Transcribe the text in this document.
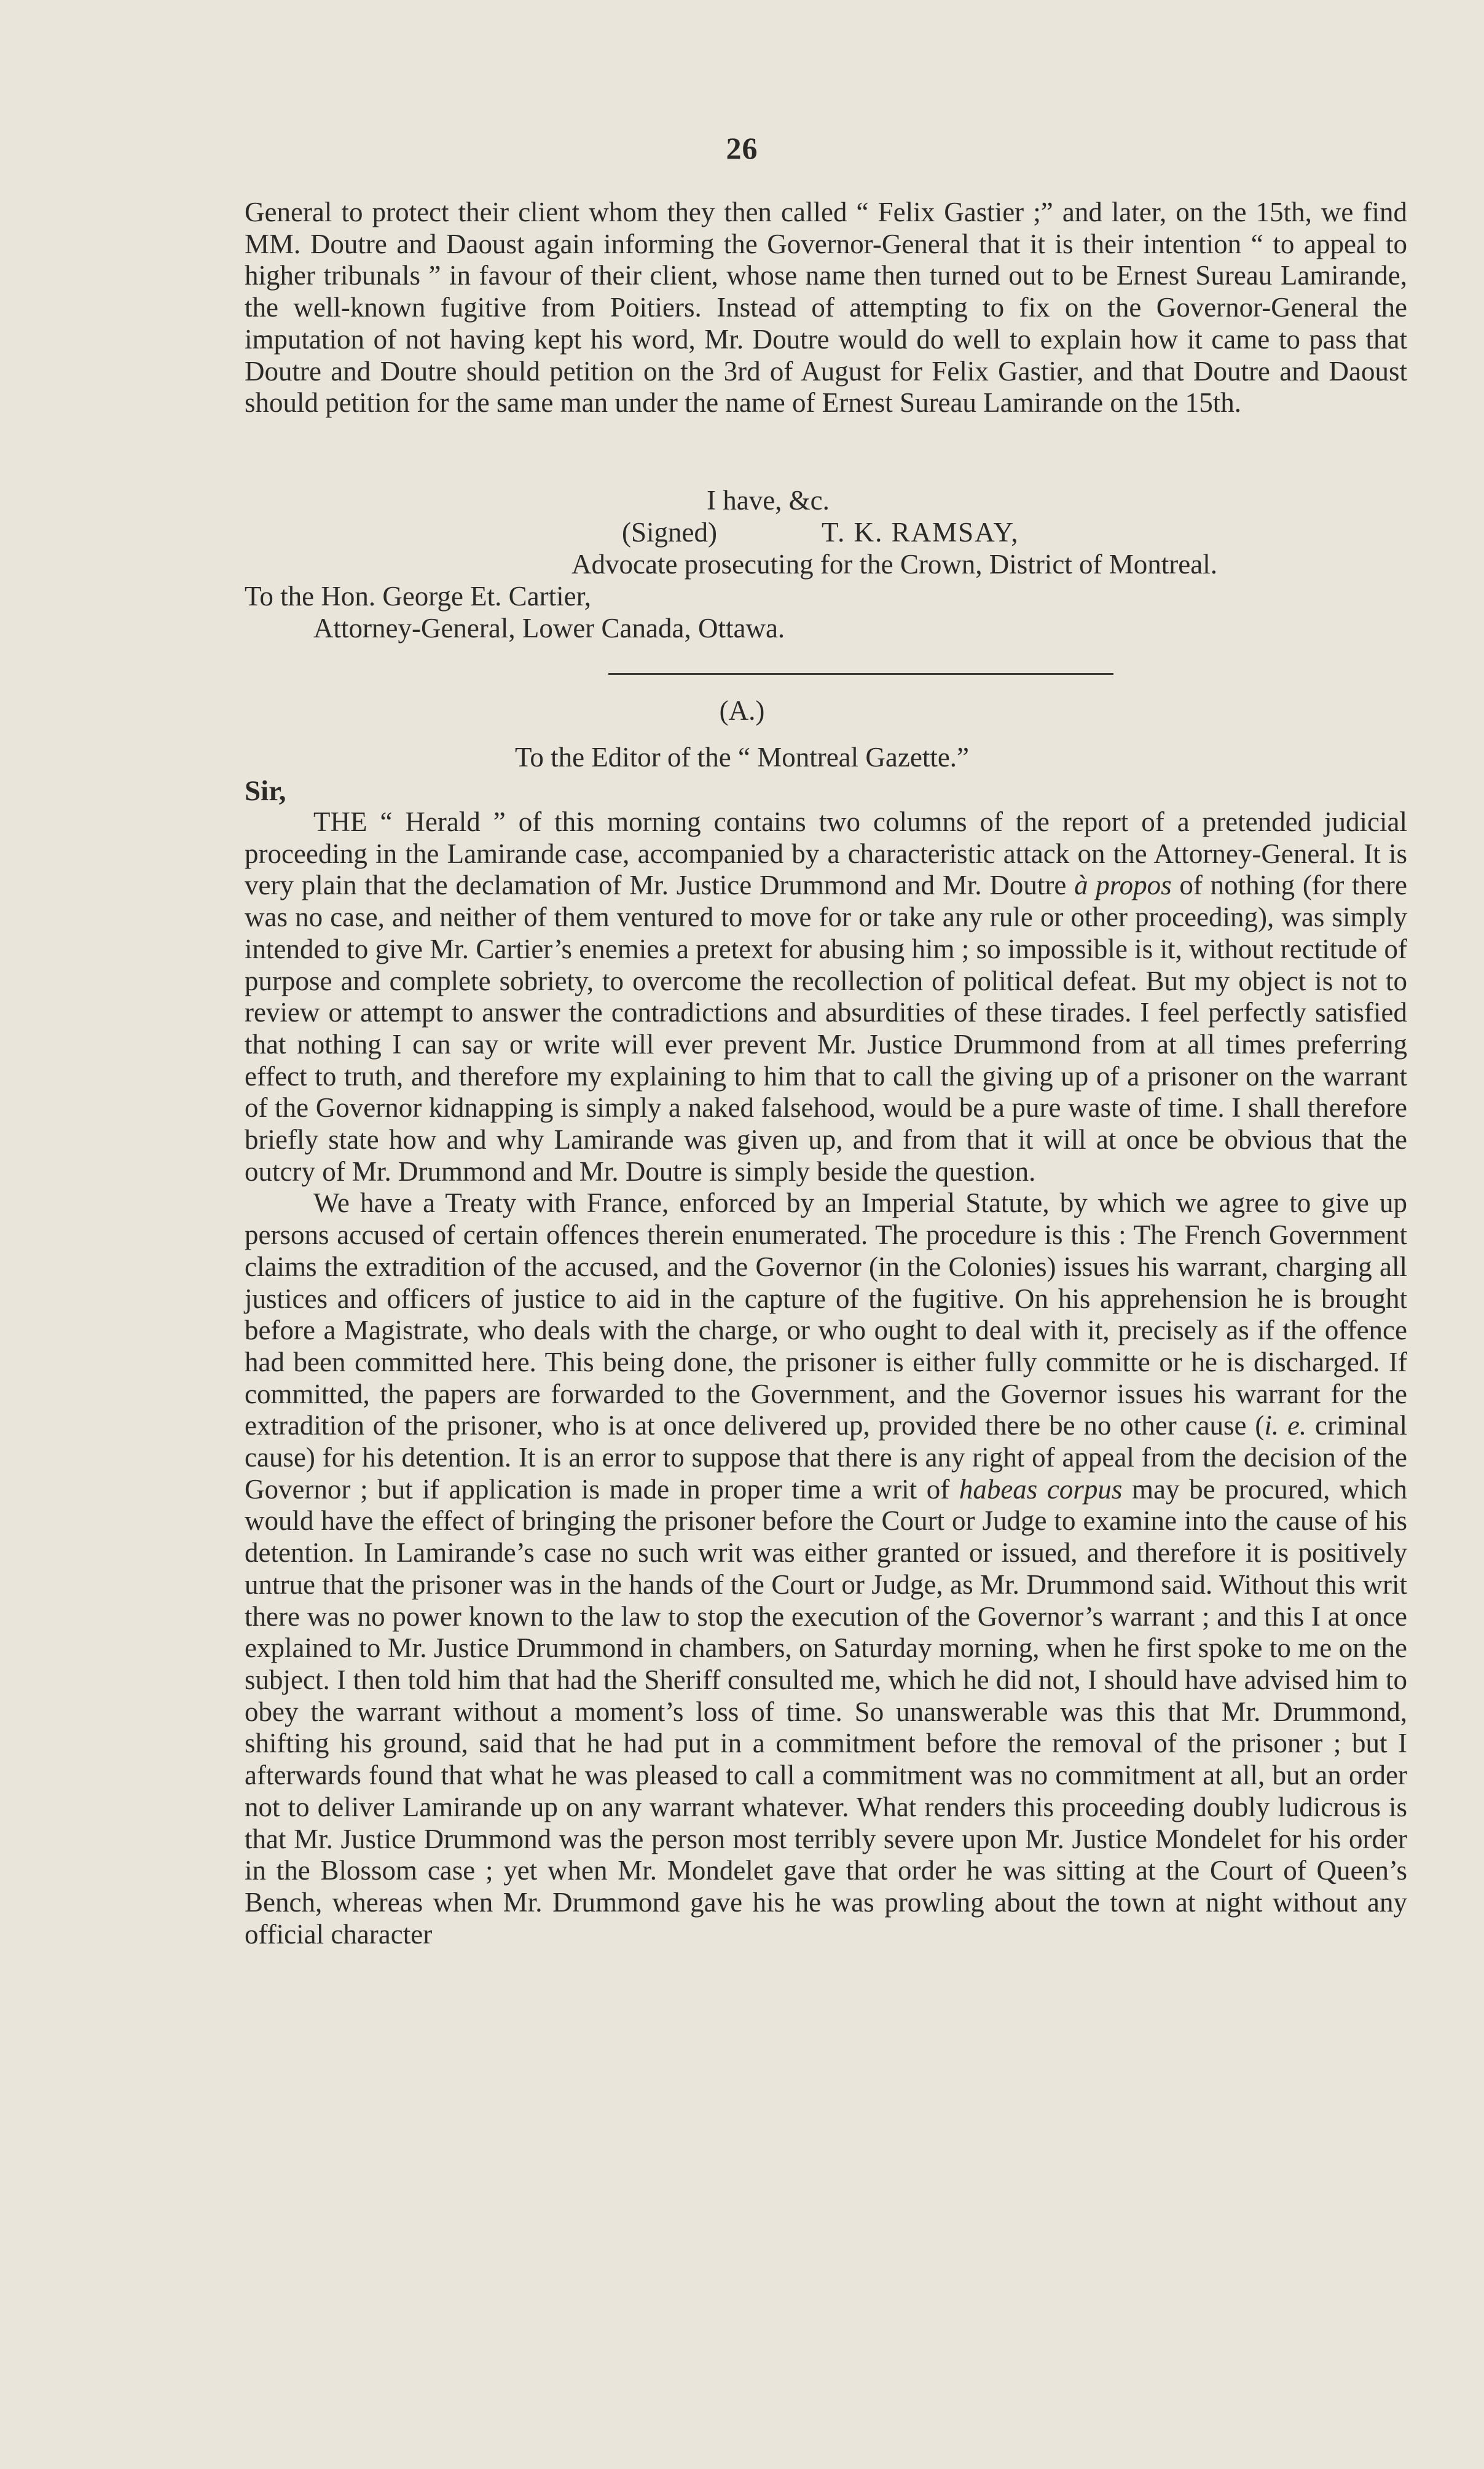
26

General to protect their client whom they then called “ Felix Gastier ;” and later, on the 15th, we find MM. Doutre and Daoust again informing the Governor-General that it is their intention “ to appeal to higher tribunals ” in favour of their client, whose name then turned out to be Ernest Sureau Lamirande, the well-known fugitive from Poitiers. Instead of attempting to fix on the Governor-General the imputation of not having kept his word, Mr. Doutre would do well to explain how it came to pass that Doutre and Doutre should petition on the 3rd of August for Felix Gastier, and that Doutre and Daoust should petition for the same man under the name of Ernest Sureau Lamirande on the 15th.

I have, &c.
(Signed)	T. K. RAMSAY,
Advocate prosecuting for the Crown, District of Montreal.
To the Hon. George Et. Cartier,
Attorney-General, Lower Canada, Ottawa.
(A.)
To the Editor of the “ Montreal Gazette.”
Sir,

THE “ Herald ” of this morning contains two columns of the report of a pretended judicial proceeding in the Lamirande case, accompanied by a characteristic attack on the Attorney-General. It is very plain that the declamation of Mr. Justice Drummond and Mr. Doutre à propos of nothing (for there was no case, and neither of them ventured to move for or take any rule or other proceeding), was simply intended to give Mr. Cartier’s enemies a pretext for abusing him ; so impossible is it, without rectitude of purpose and complete sobriety, to overcome the recollection of political defeat. But my object is not to review or attempt to answer the contradictions and absurdities of these tirades. I feel perfectly satisfied that nothing I can say or write will ever prevent Mr. Justice Drummond from at all times preferring effect to truth, and therefore my explaining to him that to call the giving up of a prisoner on the warrant of the Governor kidnapping is simply a naked falsehood, would be a pure waste of time. I shall therefore briefly state how and why Lamirande was given up, and from that it will at once be obvious that the outcry of Mr. Drummond and Mr. Doutre is simply beside the question.

We have a Treaty with France, enforced by an Imperial Statute, by which we agree to give up persons accused of certain offences therein enumerated. The procedure is this : The French Government claims the extradition of the accused, and the Governor (in the Colonies) issues his warrant, charging all justices and officers of justice to aid in the capture of the fugitive. On his apprehension he is brought before a Magistrate, who deals with the charge, or who ought to deal with it, precisely as if the offence had been committed here. This being done, the prisoner is either fully committe or he is discharged. If committed, the papers are forwarded to the Government, and the Governor issues his warrant for the extradition of the prisoner, who is at once delivered up, provided there be no other cause (i. e. criminal cause) for his detention. It is an error to suppose that there is any right of appeal from the decision of the Governor ; but if application is made in proper time a writ of habeas corpus may be procured, which would have the effect of bringing the prisoner before the Court or Judge to examine into the cause of his detention. In Lamirande’s case no such writ was either granted or issued, and therefore it is positively untrue that the prisoner was in the hands of the Court or Judge, as Mr. Drummond said. Without this writ there was no power known to the law to stop the execution of the Governor’s warrant ; and this I at once explained to Mr. Justice Drummond in chambers, on Saturday morning, when he first spoke to me on the subject. I then told him that had the Sheriff consulted me, which he did not, I should have advised him to obey the warrant without a moment’s loss of time. So unanswerable was this that Mr. Drummond, shifting his ground, said that he had put in a commitment before the removal of the prisoner ; but I afterwards found that what he was pleased to call a commitment was no commitment at all, but an order not to deliver Lamirande up on any warrant whatever. What renders this proceeding doubly ludicrous is that Mr. Justice Drummond was the person most terribly severe upon Mr. Justice Mondelet for his order in the Blossom case ; yet when Mr. Mondelet gave that order he was sitting at the Court of Queen’s Bench, whereas when Mr. Drummond gave his he was prowling about the town at night without any official character
